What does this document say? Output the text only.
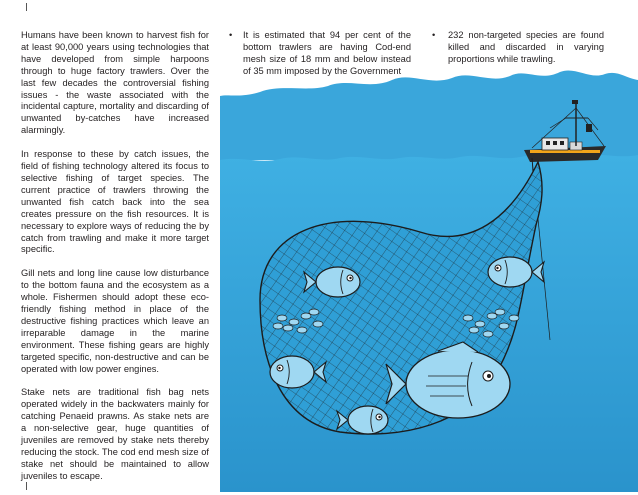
Humans have been known to harvest fish for at least 90,000 years using technologies that have developed from simple harpoons through to huge factory trawlers. Over the last few decades the controversial fishing issues - the waste associated with the incidental capture, mortality and discarding of unwanted by-catches have increased alarmingly.

In response to these by catch issues, the field of fishing technology altered its focus to selective fishing of target species. The current practice of trawlers throwing the unwanted fish catch back into the sea creates pressure on the fish resources. It is necessary to explore ways of reducing the by catch from trawling and make it more target specific.

Gill nets and long line cause low disturbance to the bottom fauna and the ecosystem as a whole. Fishermen should adopt these eco-friendly fishing method in place of the destructive fishing practices which leave an irreparable damage in the marine environment. These fishing gears are highly targeted specific, non-destructive and can be operated with low power engines.

Stake nets are traditional fish bag nets operated widely in the backwaters mainly for catching Penaeid prawns. As stake nets are a non-selective gear, huge quantities of juveniles are removed by stake nets thereby reducing the stock. The cod end mesh size of stake net should be maintained to allow juveniles to escape.

•	It is estimated that 94 per cent of the bottom trawlers are having Cod-end mesh size of 18 mm and below instead of 35 mm imposed by the Government
•	232 non-targeted species are found killed and discarded in varying proportions while trawling.
